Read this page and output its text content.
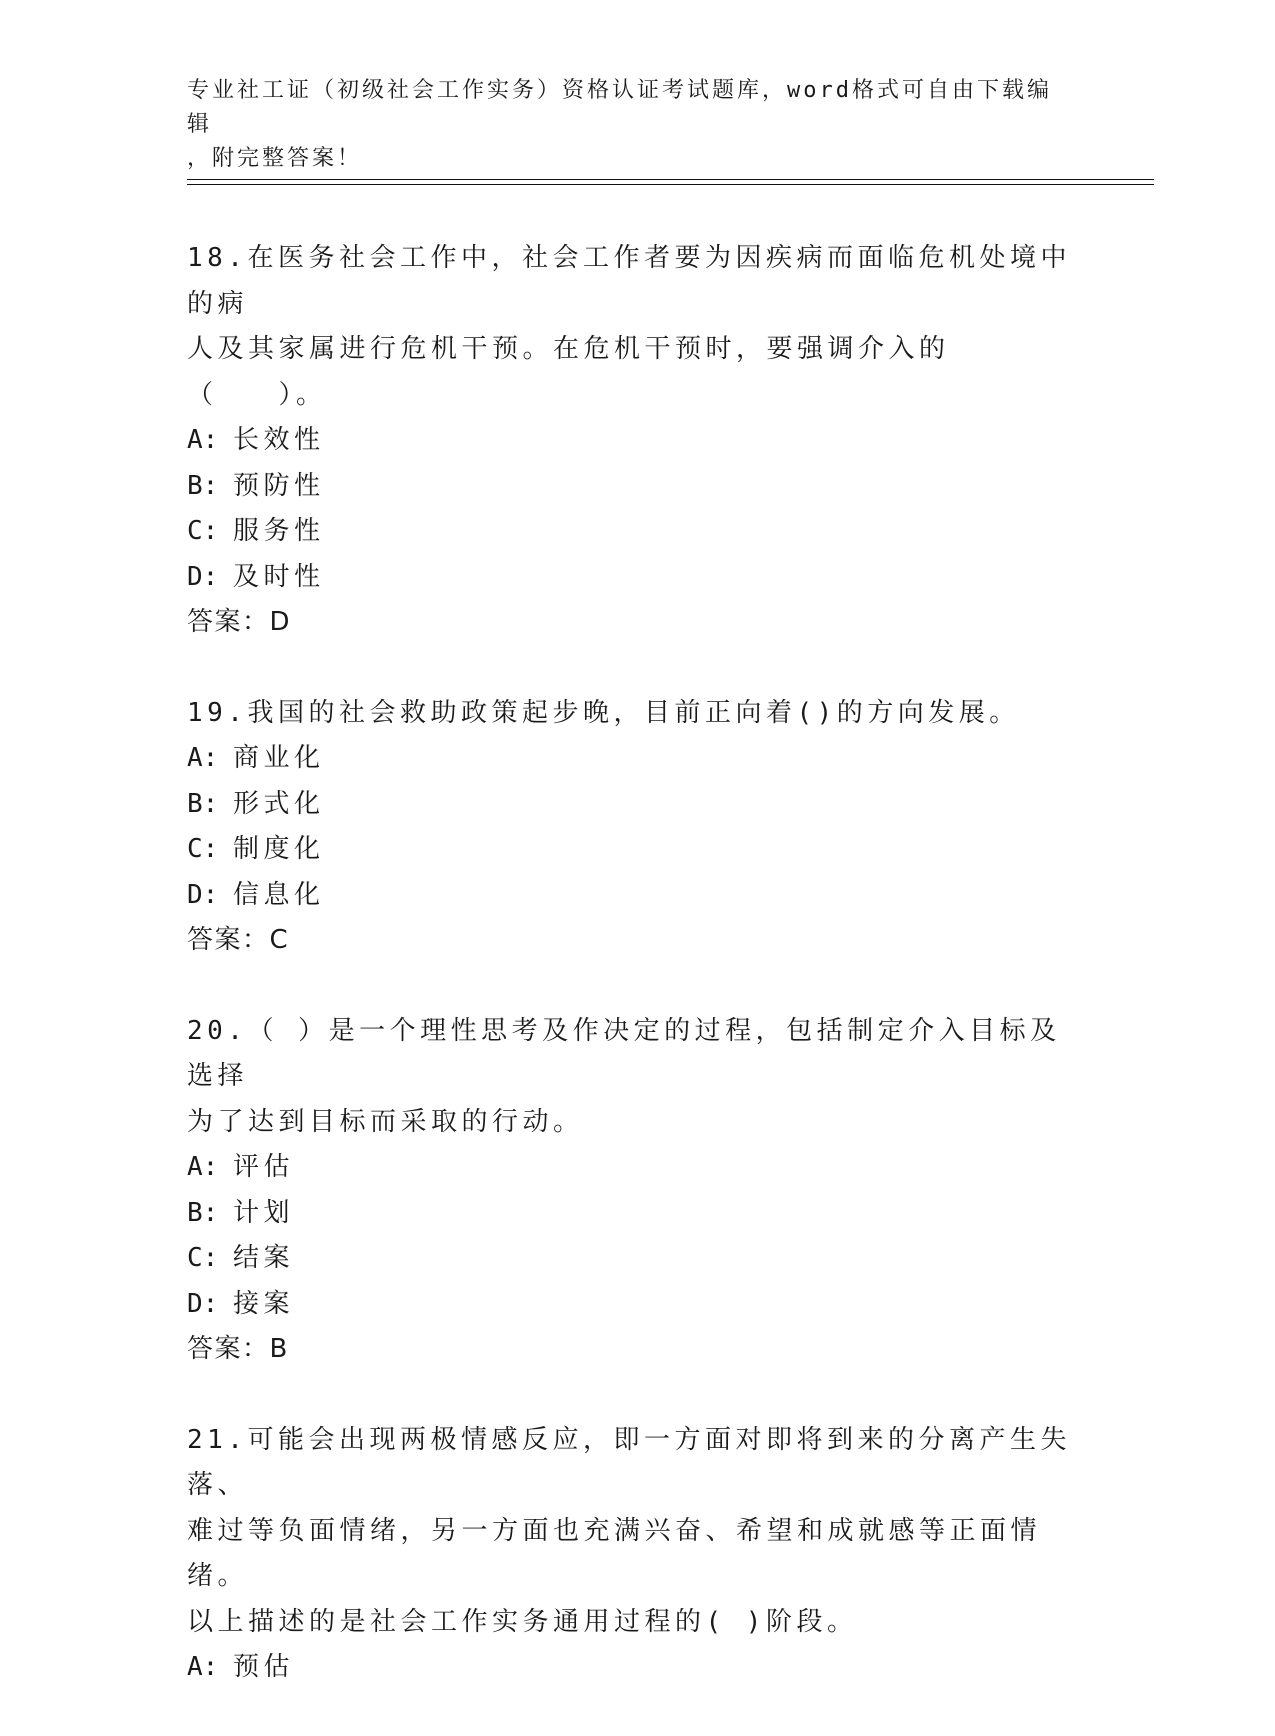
专业社工证（初级社会工作实务）资格认证考试题库，word格式可自由下载编辑
，附完整答案！

18.在医务社会工作中，社会工作者要为因疾病而面临危机处境中的病

人及其家属进行危机干预。在危机干预时，要强调介入的（　　）。

A: 长效性
B: 预防性
C: 服务性
D: 及时性

答案：D

19.我国的社会救助政策起步晚，目前正向着()的方向发展。

A: 商业化
B: 形式化
C: 制度化
D: 信息化

答案：C

20.（ ）是一个理性思考及作决定的过程，包括制定介入目标及选择

为了达到目标而采取的行动。

A: 评估
B: 计划
C: 结案
D: 接案

答案：B

21.可能会出现两极情感反应，即一方面对即将到来的分离产生失落、

难过等负面情绪，另一方面也充满兴奋、希望和成就感等正面情绪。

以上描述的是社会工作实务通用过程的( )阶段。

A: 预估
